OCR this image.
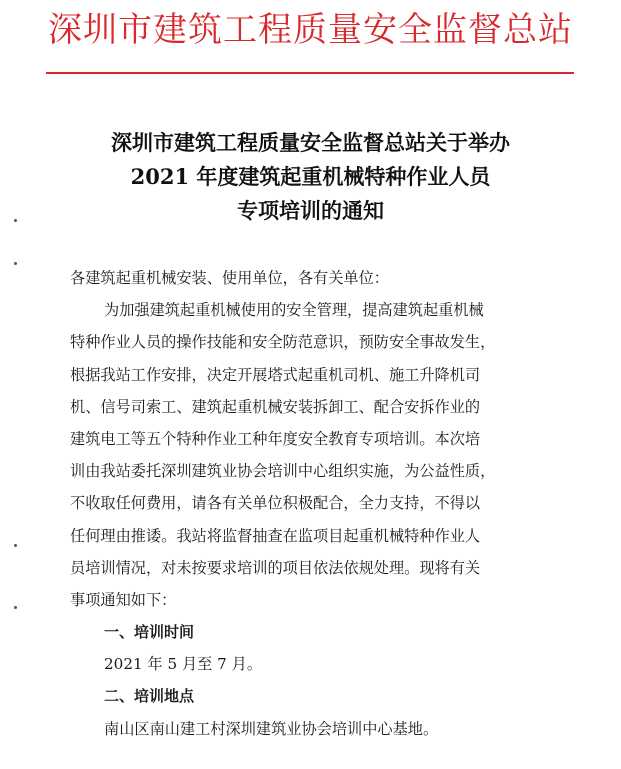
深圳市建筑工程质量安全监督总站
深圳市建筑工程质量安全监督总站关于举办
2021 年度建筑起重机械特种作业人员
专项培训的通知
各建筑起重机械安装、使用单位，各有关单位：
为加强建筑起重机械使用的安全管理，提高建筑起重机械
特种作业人员的操作技能和安全防范意识，预防安全事故发生，
根据我站工作安排，决定开展塔式起重机司机、施工升降机司
机、信号司索工、建筑起重机械安装拆卸工、配合安拆作业的
建筑电工等五个特种作业工种年度安全教育专项培训。本次培
训由我站委托深圳建筑业协会培训中心组织实施，为公益性质，
不收取任何费用，请各有关单位积极配合，全力支持，不得以
任何理由推诿。我站将监督抽查在监项目起重机械特种作业人
员培训情况，对未按要求培训的项目依法依规处理。现将有关
事项通知如下：
一、培训时间
2021 年 5 月至 7 月。
二、培训地点
南山区南山建工村深圳建筑业协会培训中心基地。
